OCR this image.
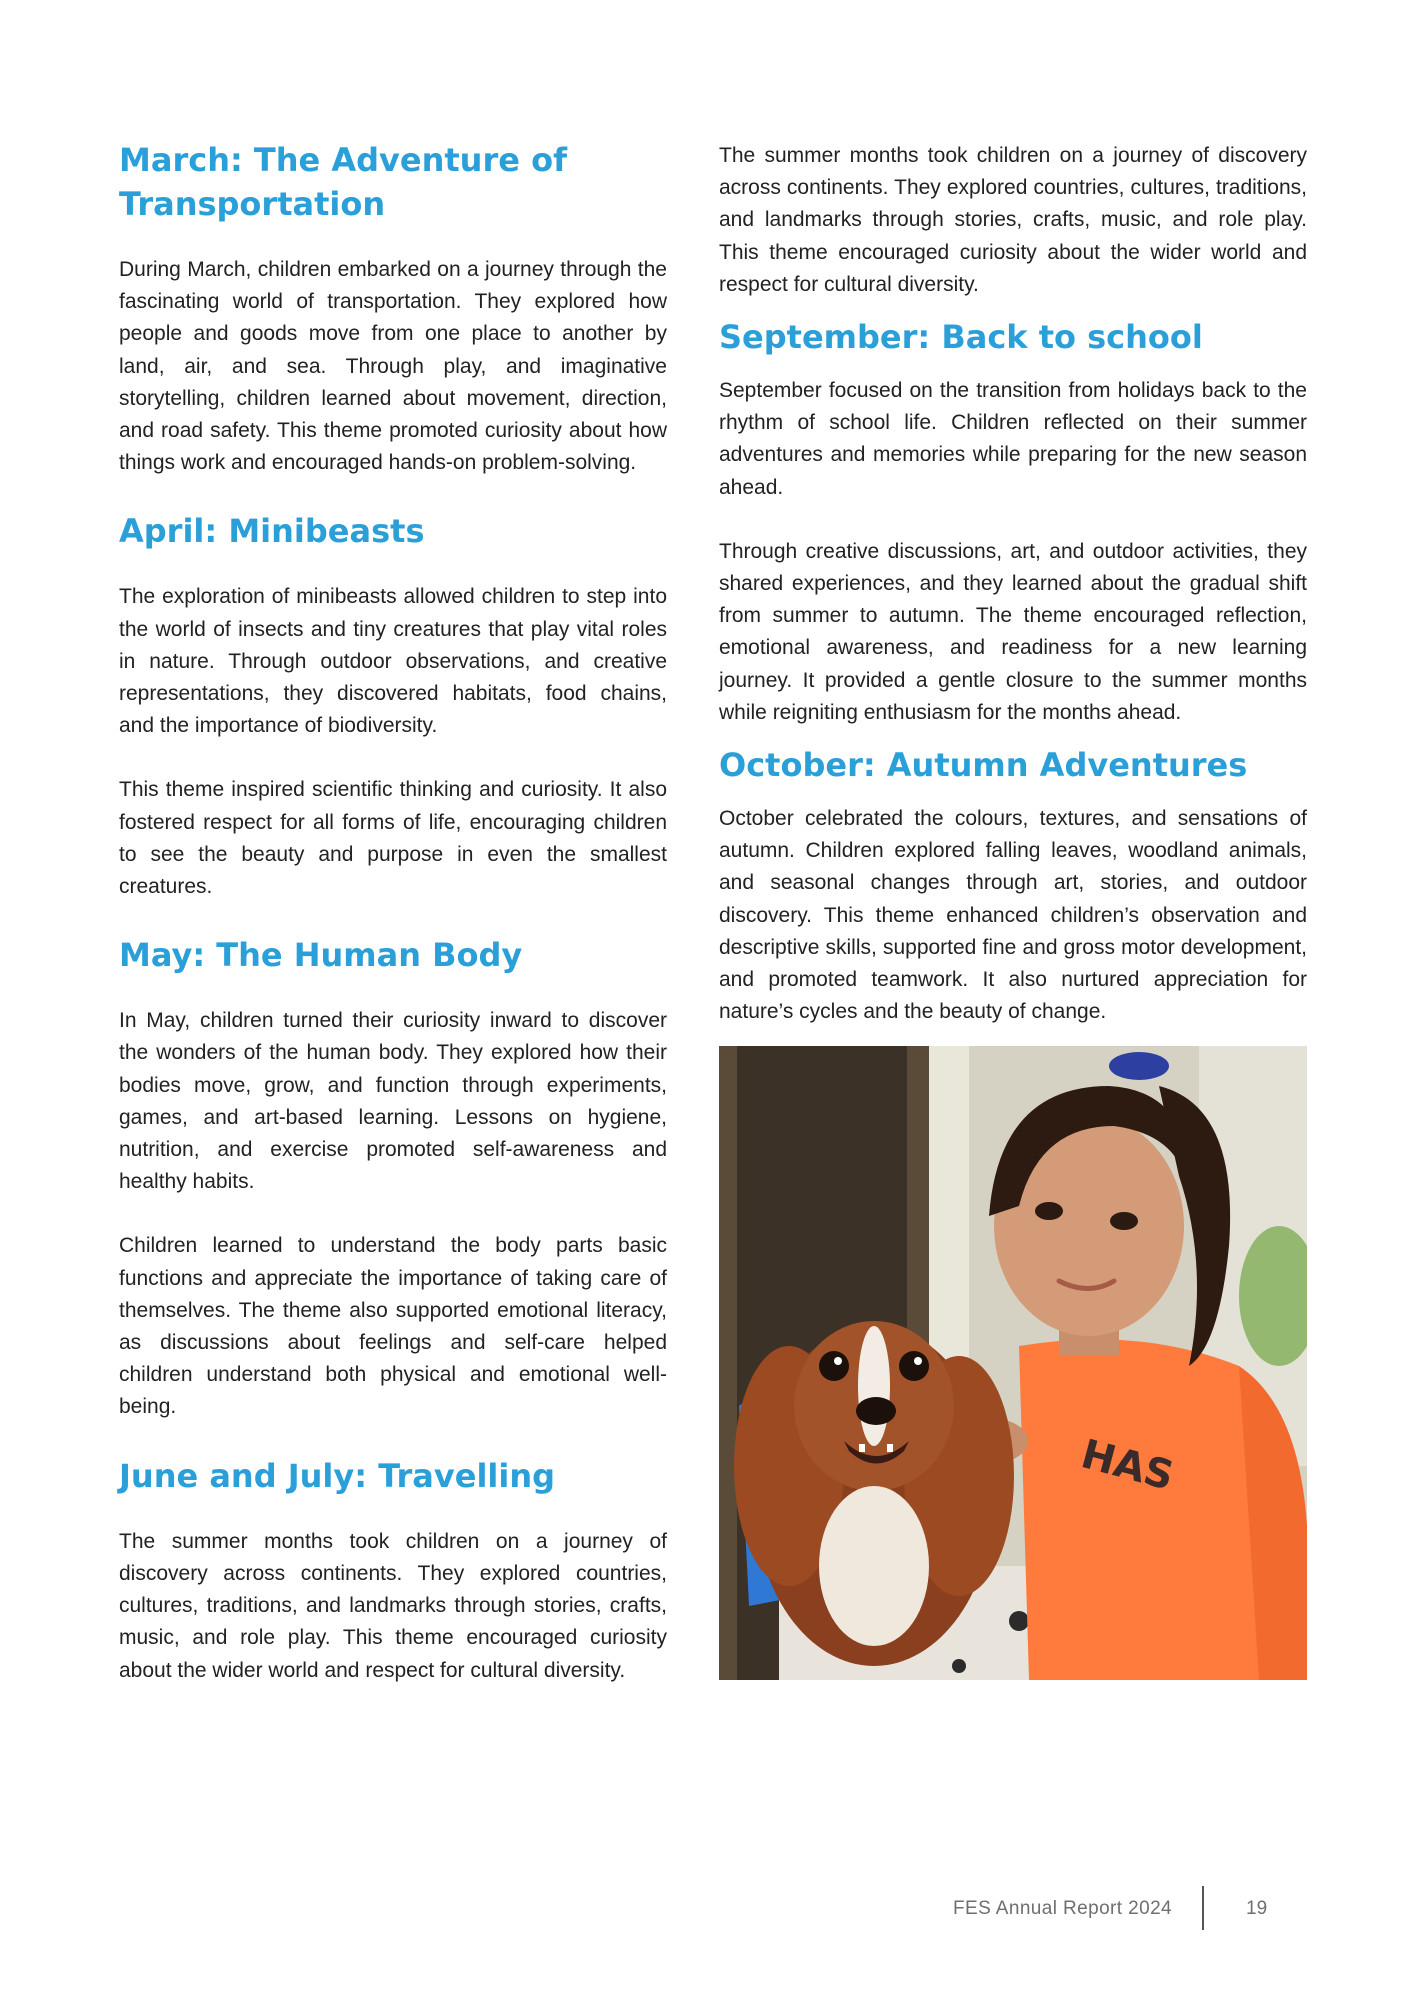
March: The Adventure of Transportation

During March, children embarked on a journey through the fascinating world of transportation. They explored how people and goods move from one place to another by land, air, and sea. Through play, and imaginative storytelling, children learned about movement, direction, and road safety. This theme promoted curiosity about how things work and encouraged hands-on problem-solving.

April: Minibeasts

The exploration of minibeasts allowed children to step into the world of insects and tiny creatures that play vital roles in nature. Through outdoor observations, and creative representations, they discovered habitats, food chains, and the importance of biodiversity.

This theme inspired scientific thinking and curiosity. It also fostered respect for all forms of life, encouraging children to see the beauty and purpose in even the smallest creatures.

May: The Human Body

In May, children turned their curiosity inward to discover the wonders of the human body. They explored how their bodies move, grow, and function through experiments, games, and art-based learning. Lessons on hygiene, nutrition, and exercise promoted self-awareness and healthy habits.

Children learned to understand the body parts basic functions and appreciate the importance of taking care of themselves. The theme also supported emotional literacy, as discussions about feelings and self-care helped children understand both physical and emotional well-being.

June and July: Travelling

The summer months took children on a journey of discovery across continents. They explored countries, cultures, traditions, and landmarks through stories, crafts, music, and role play. This theme encouraged curiosity about the wider world and respect for cultural diversity.

The summer months took children on a journey of discovery across continents. They explored countries, cultures, traditions, and landmarks through stories, crafts, music, and role play. This theme encouraged curiosity about the wider world and respect for cultural diversity.

September: Back to school

September focused on the transition from holidays back to the rhythm of school life. Children reflected on their summer adventures and memories while preparing for the new season ahead.

Through creative discussions, art, and outdoor activities, they shared experiences, and they learned about the gradual shift from summer to autumn. The theme encouraged reflection, emotional awareness, and readiness for a new learning journey. It provided a gentle closure to the summer months while reigniting enthusiasm for the months ahead.

October: Autumn Adventures

October celebrated the colours, textures, and sensations of autumn. Children explored falling leaves, woodland animals, and seasonal changes through art, stories, and outdoor discovery. This theme enhanced children’s observation and descriptive skills, supported fine and gross motor development, and promoted teamwork. It also nurtured appreciation for nature’s cycles and the beauty of change.

HAS
FES Annual Report 2024	19
